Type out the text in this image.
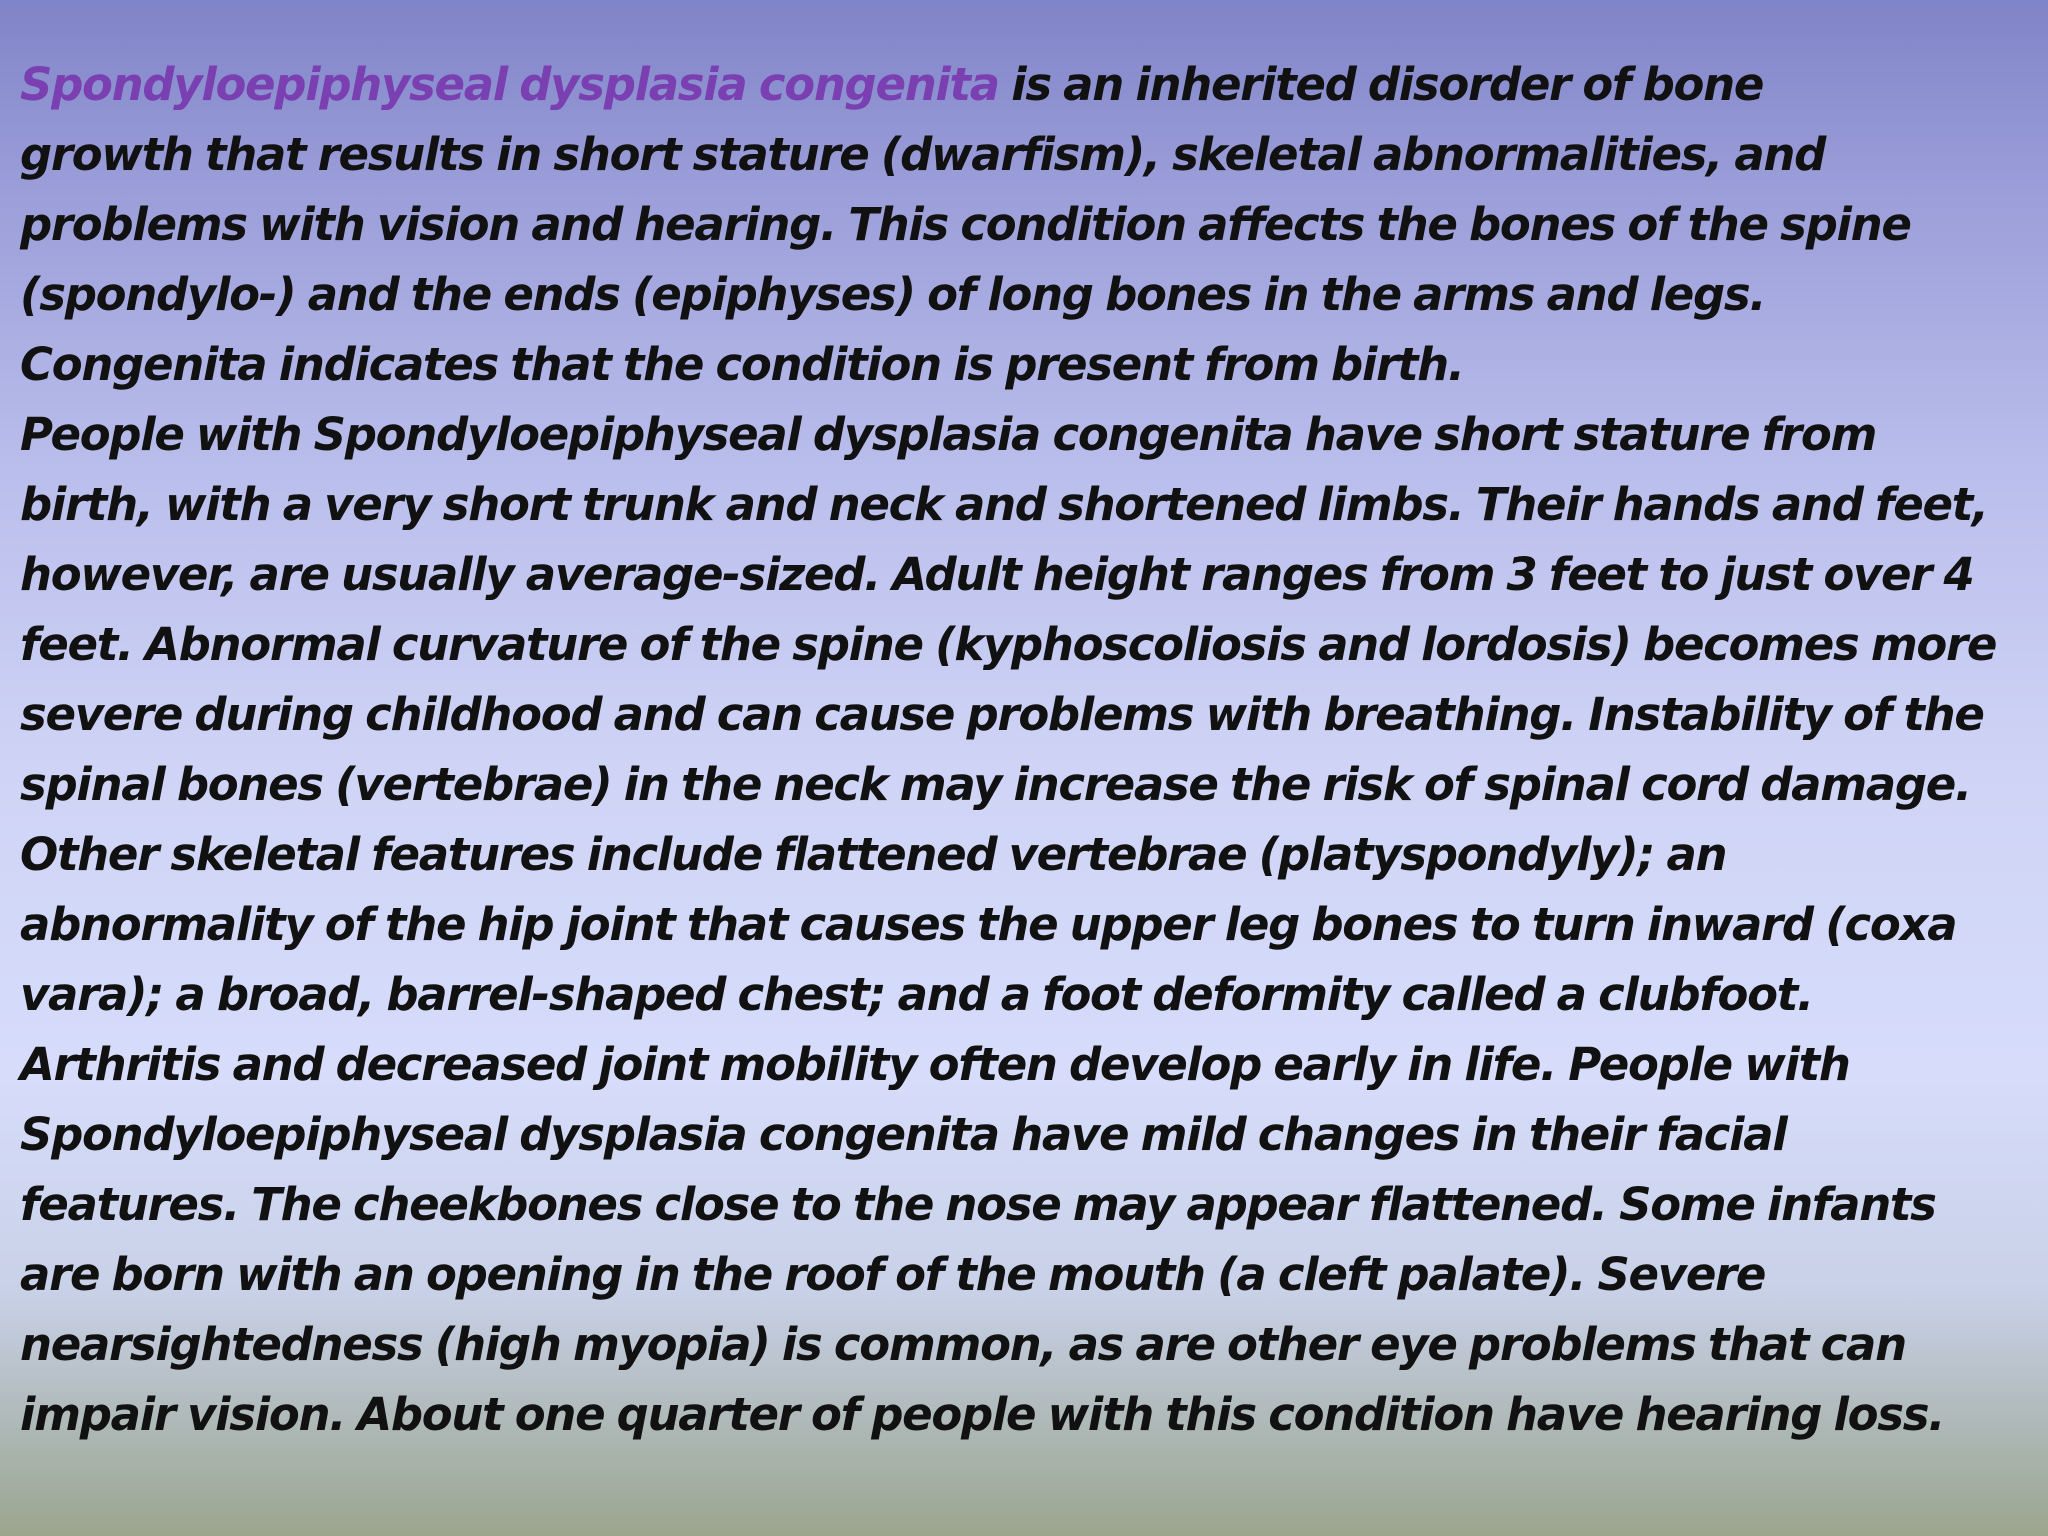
Spondyloepiphyseal dysplasia congenita is an inherited disorder of bone
growth that results in short stature (dwarfism), skeletal abnormalities, and
problems with vision and hearing. This condition affects the bones of the spine
(spondylo-) and the ends (epiphyses) of long bones in the arms and legs.
Congenita indicates that the condition is present from birth.
People with Spondyloepiphyseal dysplasia congenita have short stature from
birth, with a very short trunk and neck and shortened limbs. Their hands and feet,
however, are usually average-sized. Adult height ranges from 3 feet to just over 4
feet. Abnormal curvature of the spine (kyphoscoliosis and lordosis) becomes more
severe during childhood and can cause problems with breathing. Instability of the
spinal bones (vertebrae) in the neck may increase the risk of spinal cord damage.
Other skeletal features include flattened vertebrae (platyspondyly); an
abnormality of the hip joint that causes the upper leg bones to turn inward (coxa
vara); a broad, barrel-shaped chest; and a foot deformity called a clubfoot.
Arthritis and decreased joint mobility often develop early in life. People with
Spondyloepiphyseal dysplasia congenita have mild changes in their facial
features. The cheekbones close to the nose may appear flattened. Some infants
are born with an opening in the roof of the mouth (a cleft palate). Severe
nearsightedness (high myopia) is common, as are other eye problems that can
impair vision. About one quarter of people with this condition have hearing loss.
